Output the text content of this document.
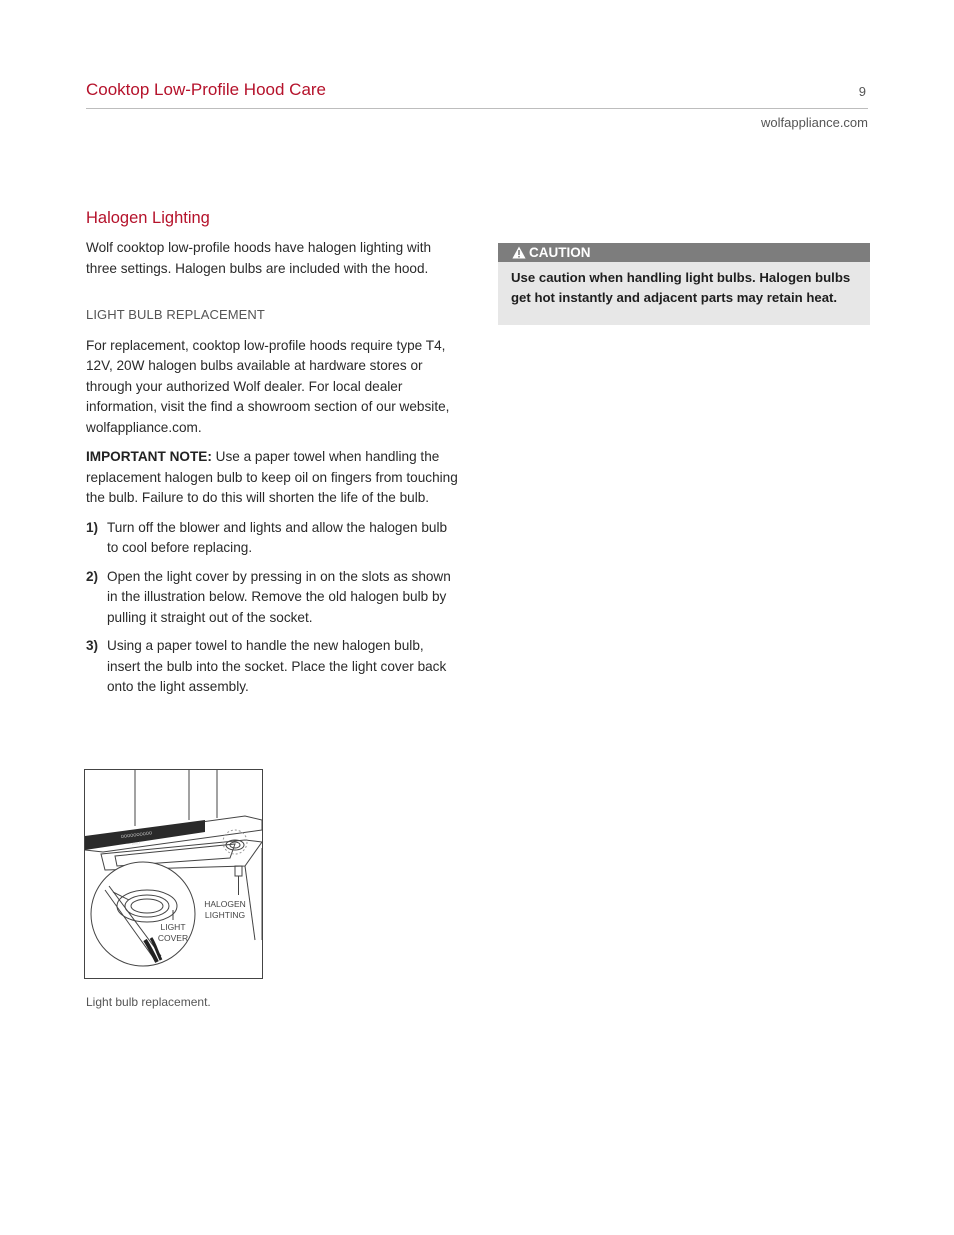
Cooktop Low-Profile Hood Care	9
wolfappliance.com
Halogen Lighting

Wolf cooktop low-profile hoods have halogen lighting with three settings. Halogen bulbs are included with the hood.

LIGHT BULB REPLACEMENT

For replacement, cooktop low-profile hoods require type T4, 12V, 20W halogen bulbs available at hardware stores or through your authorized Wolf dealer. For local dealer information, visit the find a showroom section of our website, wolfappliance.com.

IMPORTANT NOTE: Use a paper towel when handling the replacement halogen bulb to keep oil on fingers from touching the bulb. Failure to do this will shorten the life of the bulb.

1) Turn off the blower and lights and allow the halogen bulb to cool before replacing.
2) Open the light cover by pressing in on the slots as shown in the illustration below. Remove the old halogen bulb by pulling it straight out of the socket.
3) Using a paper towel to handle the new halogen bulb, insert the bulb into the socket. Place the light cover back onto the light assembly.
CAUTION
Use caution when handling light bulbs. Halogen bulbs get hot instantly and adjacent parts may retain heat.
OOOOOOOOOO
WOLF
HALOGEN
LIGHTING
LIGHT
COVER
Light bulb replacement.
